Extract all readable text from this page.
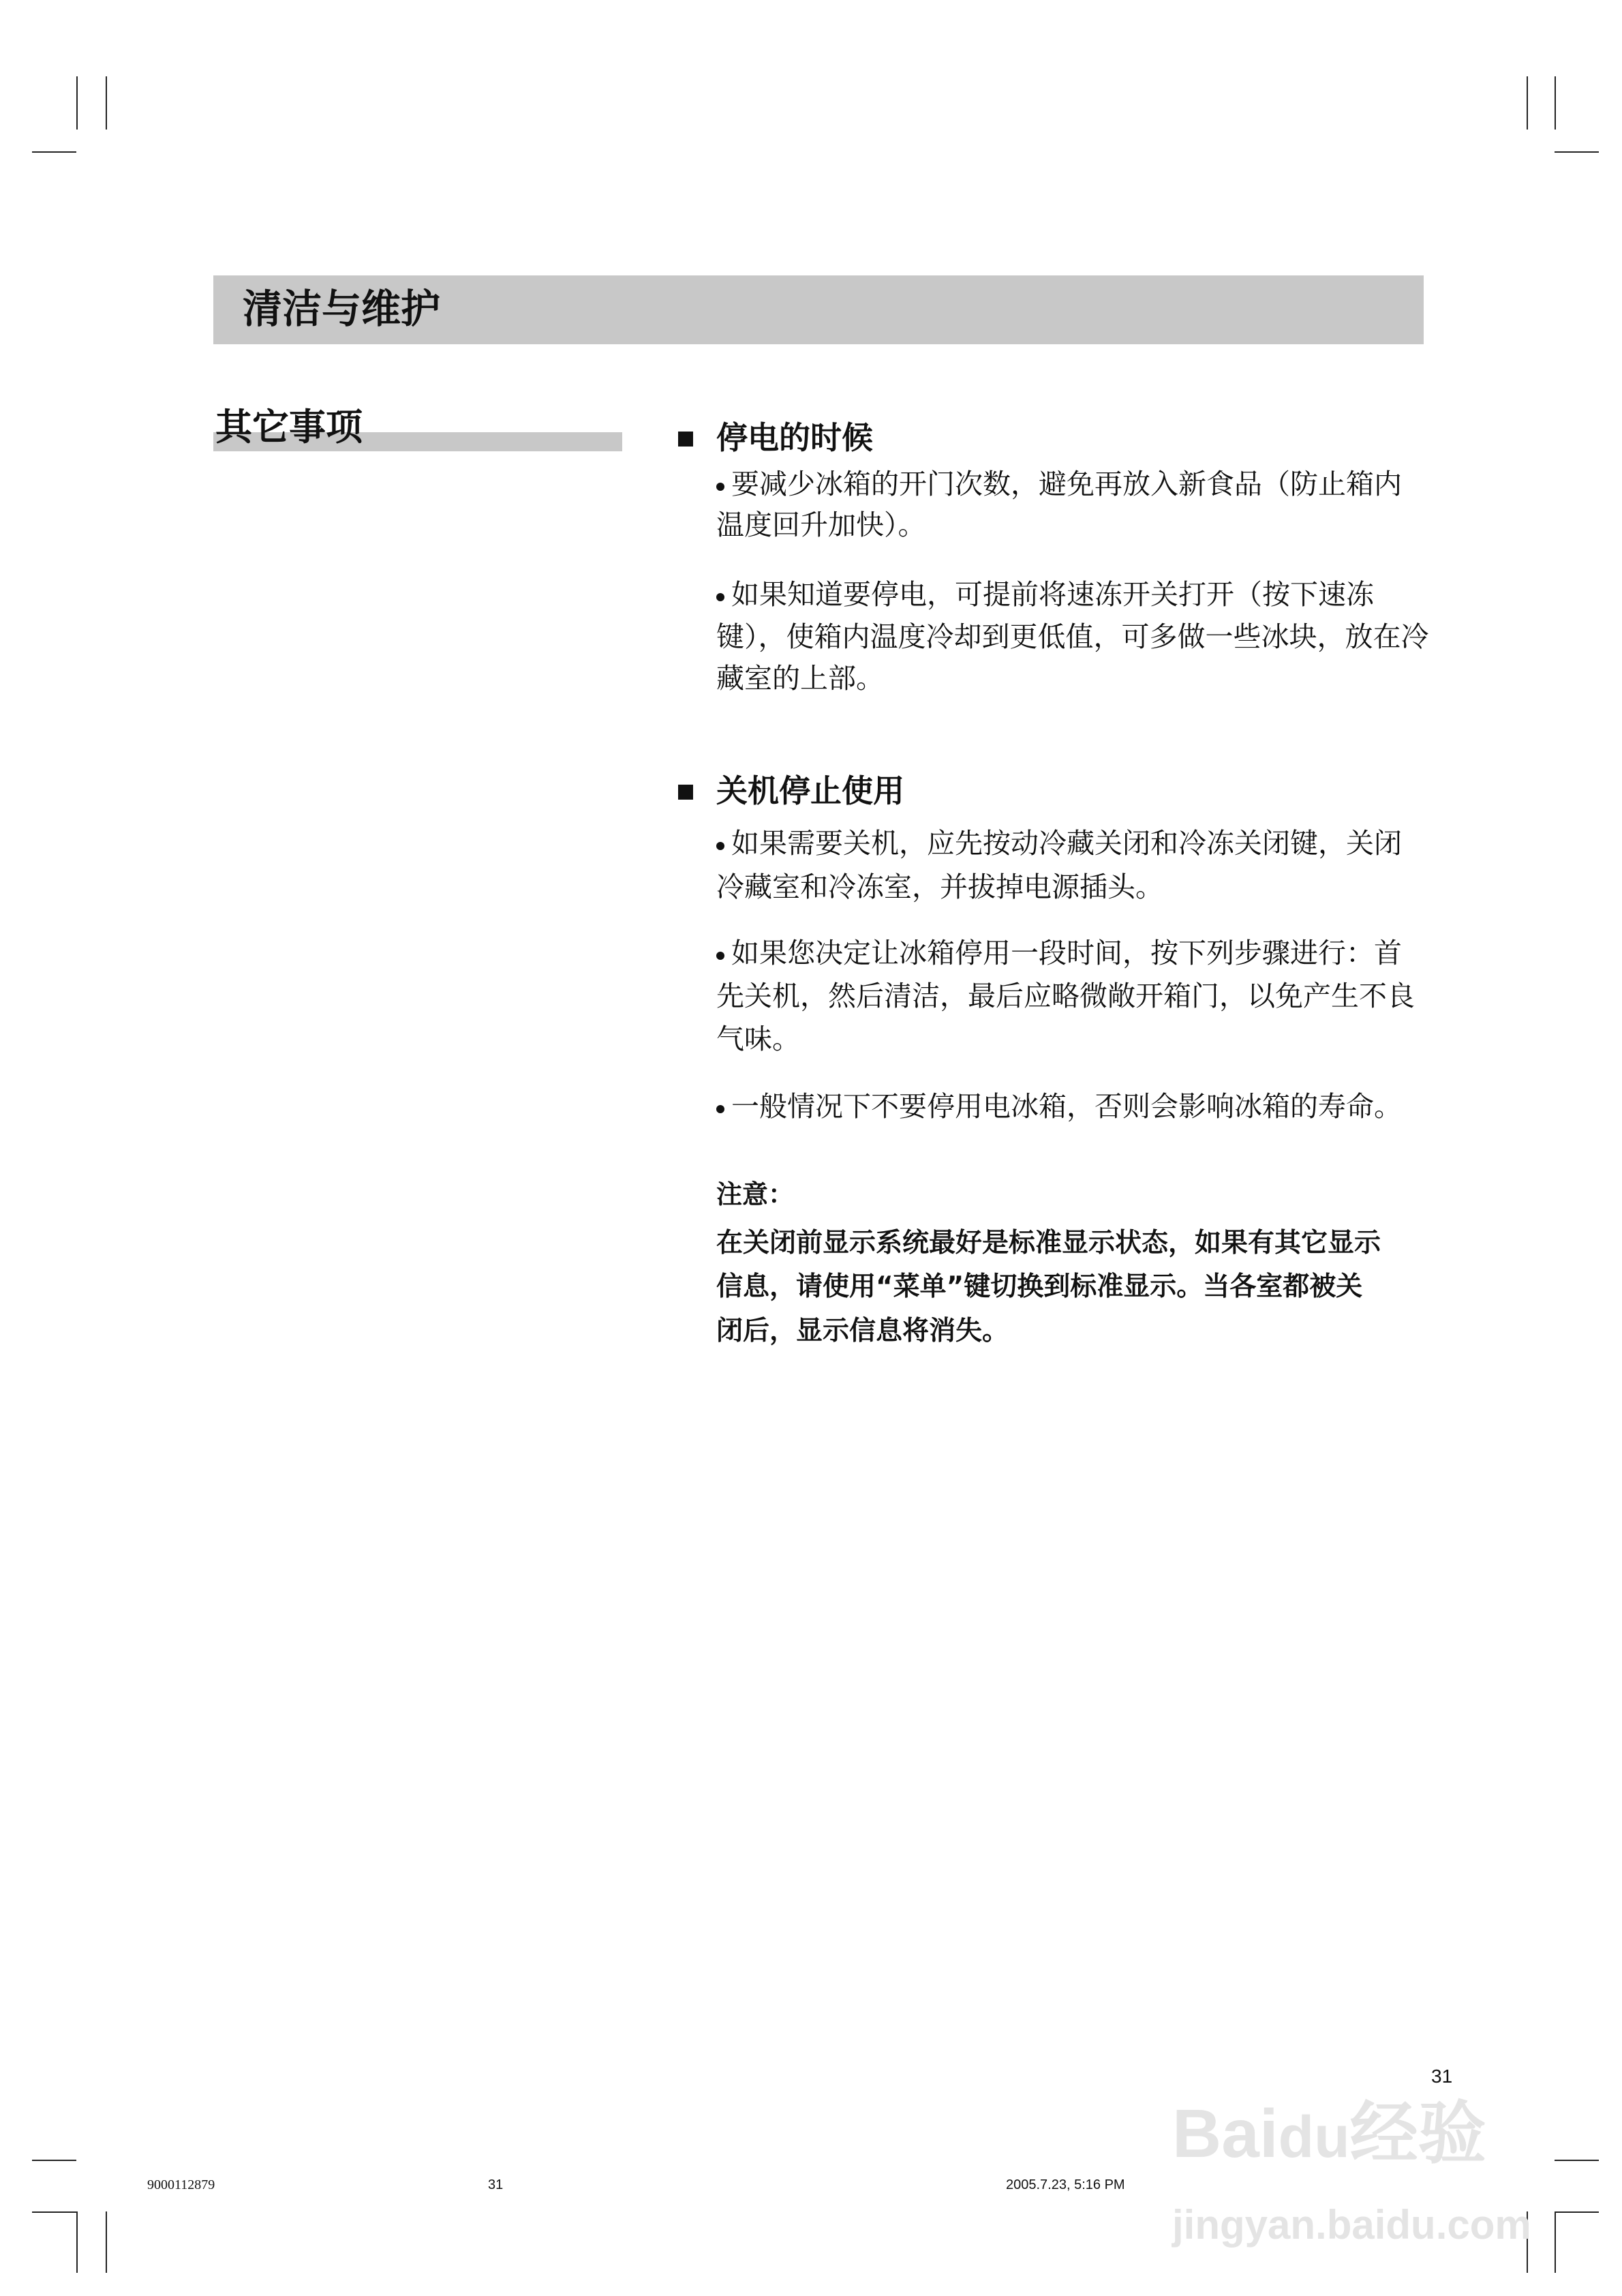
清洁与维护
其它事项	停电的时候
要减少冰箱的开门次数，避免再放入新食品（防止箱内
温度回升加快）。
如果知道要停电，可提前将速冻开关打开（按下速冻
键），使箱内温度冷却到更低值，可多做一些冰块，放在冷
藏室的上部。
关机停止使用
如果需要关机，应先按动冷藏关闭和冷冻关闭键，关闭
冷藏室和冷冻室，并拔掉电源插头。
如果您决定让冰箱停用一段时间，按下列步骤进行：首
先关机，然后清洁，最后应略微敞开箱门，以免产生不良
气味。
一般情况下不要停用电冰箱，否则会影响冰箱的寿命。
注意：
在关闭前显示系统最好是标准显示状态，如果有其它显示
信息，请使用“菜单”键切换到标准显示。当各室都被关
闭后，显示信息将消失。
31
Baidu经验
jingyan.baidu.com
9000112879	31	2005.7.23, 5:16 PM
